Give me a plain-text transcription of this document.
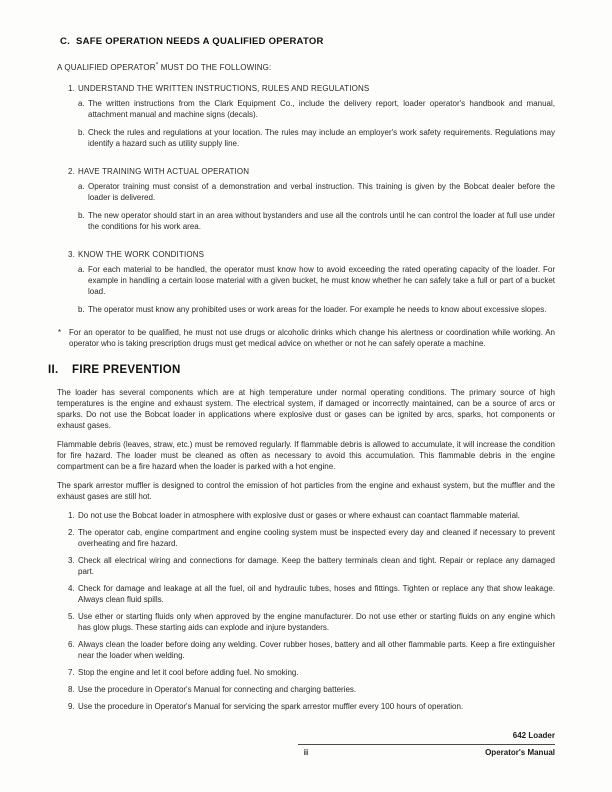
C. SAFE OPERATION NEEDS A QUALIFIED OPERATOR
A QUALIFIED OPERATOR* MUST DO THE FOLLOWING:
1. UNDERSTAND THE WRITTEN INSTRUCTIONS, RULES AND REGULATIONS
a. The written instructions from the Clark Equipment Co., include the delivery report, loader operator's handbook and manual, attachment manual and machine signs (decals).
b. Check the rules and regulations at your location. The rules may include an employer's work safety requirements. Regulations may identify a hazard such as utility supply line.
2. HAVE TRAINING WITH ACTUAL OPERATION
a. Operator training must consist of a demonstration and verbal instruction. This training is given by the Bobcat dealer before the loader is delivered.
b. The new operator should start in an area without bystanders and use all the controls until he can control the loader at full use under the conditions for his work area.
3. KNOW THE WORK CONDITIONS
a. For each material to be handled, the operator must know how to avoid exceeding the rated operating capacity of the loader. For example in handling a certain loose material with a given bucket, he must know whether he can safely take a full or part of a bucket load.
b. The operator must know any prohibited uses or work areas for the loader. For example he needs to know about excessive slopes.
* For an operator to be qualified, he must not use drugs or alcoholic drinks which change his alertness or coordination while working. An operator who is taking prescription drugs must get medical advice on whether or not he can safely operate a machine.
II.	FIRE PREVENTION

The loader has several components which are at high temperature under normal operating conditions. The primary source of high temperatures is the engine and exhaust system. The electrical system, if damaged or incorrectly maintained, can be a source of arcs or sparks. Do not use the Bobcat loader in applications where explosive dust or gases can be ignited by arcs, sparks, hot components or exhaust gases.

Flammable debris (leaves, straw, etc.) must be removed regularly. If flammable debris is allowed to accumulate, it will increase the condition for fire hazard. The loader must be cleaned as often as necessary to avoid this accumulation. This flammable debris in the engine compartment can be a fire hazard when the loader is parked with a hot engine.

The spark arrestor muffler is designed to control the emission of hot particles from the engine and exhaust system, but the muffler and the exhaust gases are still hot.

1. Do not use the Bobcat loader in atmosphere with explosive dust or gases or where exhaust can coantact flammable material.
2. The operator cab, engine compartment and engine cooling system must be inspected every day and cleaned if necessary to prevent overheating and fire hazard.
3. Check all electrical wiring and connections for damage. Keep the battery terminals clean and tight. Repair or replace any damaged part.
4. Check for damage and leakage at all the fuel, oil and hydraulic tubes, hoses and fittings. Tighten or replace any that show leakage. Always clean fluid spills.
5. Use ether or starting fluids only when approved by the engine manufacturer. Do not use ether or starting fluids on any engine which has glow plugs. These starting aids can explode and injure bystanders.
6. Always clean the loader before doing any welding. Cover rubber hoses, battery and all other flammable parts. Keep a fire extinguisher near the loader when welding.
7. Stop the engine and let it cool before adding fuel. No smoking.
8. Use the procedure in Operator's Manual for connecting and charging batteries.
9. Use the procedure in Operator's Manual for servicing the spark arrestor muffler every 100 hours of operation.
642 Loader
ii	Operator's Manual
